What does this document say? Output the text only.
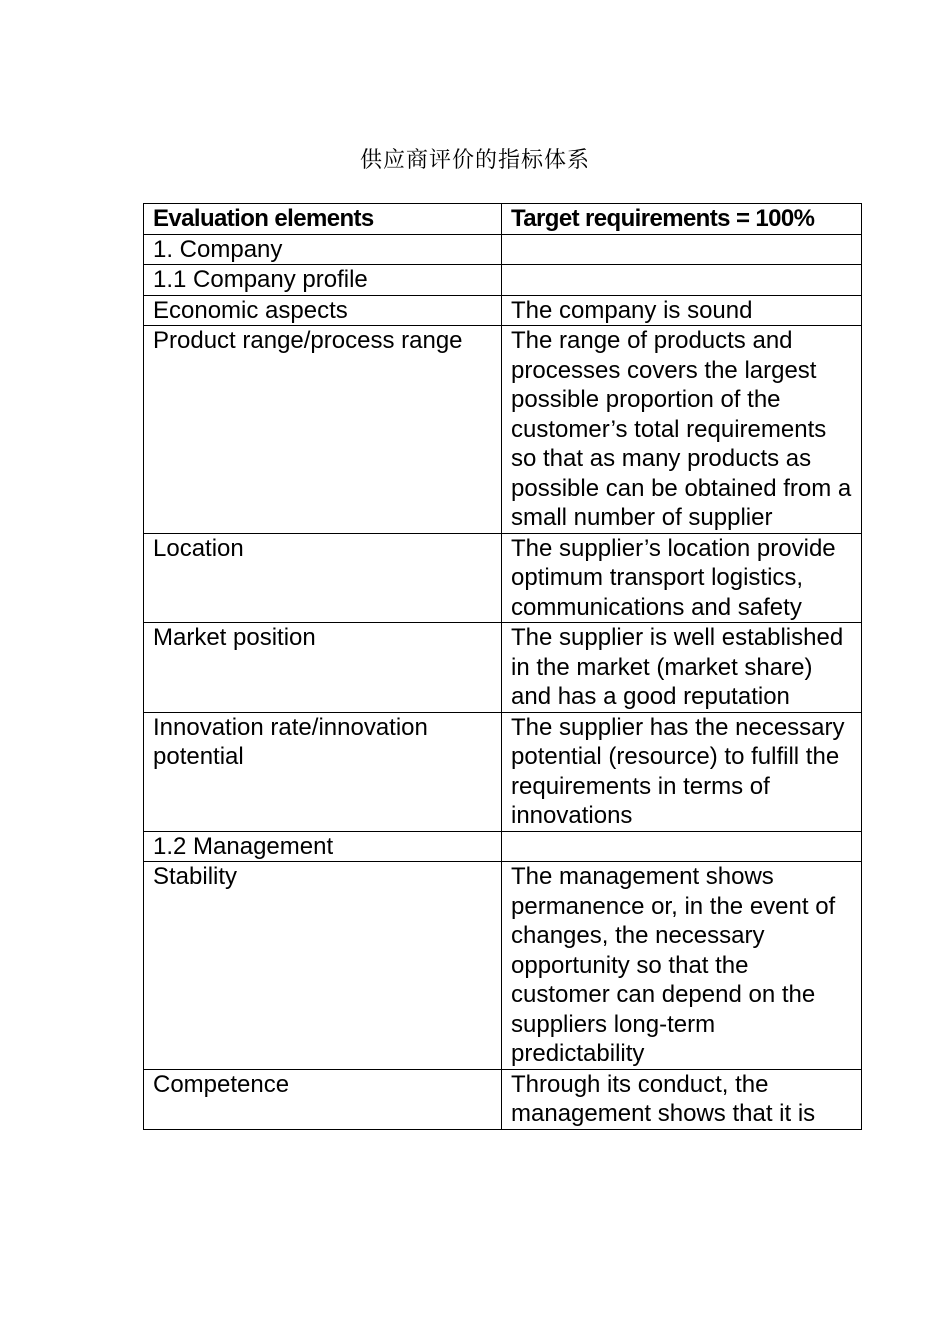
供应商评价的指标体系
Evaluation elements	Target requirements = 100%
1. Company	
1.1 Company profile	
Economic aspects	The company is sound
Product range/process range	The range of products and processes covers the largest possible proportion of the customer’s total requirements so that as many products as possible can be obtained from a small number of supplier
Location	The supplier’s location provide optimum transport logistics, communications and safety
Market position	The supplier is well established in the market (market share) and has a good reputation
Innovation rate/innovation potential	The supplier has the necessary potential (resource) to fulfill the requirements in terms of innovations
1.2 Management	
Stability	The management shows permanence or, in the event of changes, the necessary opportunity so that the customer can depend on the suppliers long-term predictability
Competence	Through its conduct, the management shows that it is
